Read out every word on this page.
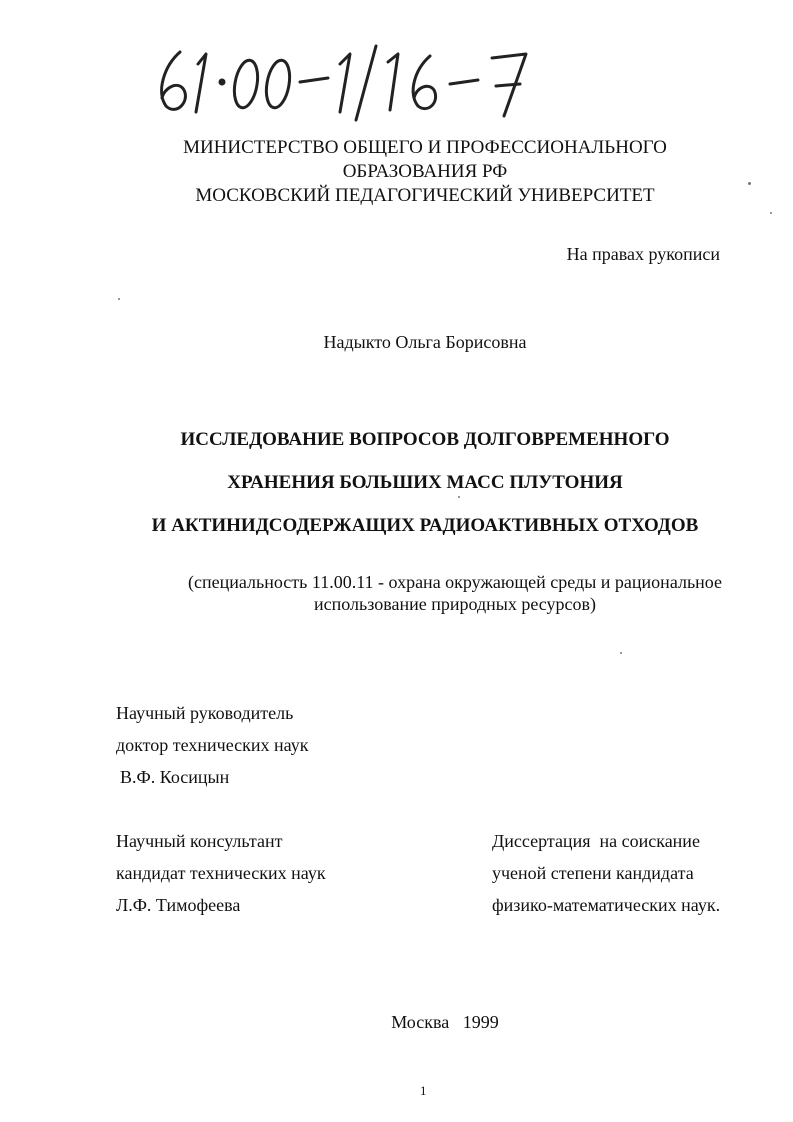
МИНИСТЕРСТВО ОБЩЕГО И ПРОФЕССИОНАЛЬНОГО
ОБРАЗОВАНИЯ РФ
МОСКОВСКИЙ ПЕДАГОГИЧЕСКИЙ УНИВЕРСИТЕТ
На правах рукописи
Надыкто Ольга Борисовна
ИССЛЕДОВАНИЕ ВОПРОСОВ ДОЛГОВРЕМЕННОГО
ХРАНЕНИЯ БОЛЬШИХ МАСС ПЛУТОНИЯ
И АКТИНИДСОДЕРЖАЩИХ РАДИОАКТИВНЫХ ОТХОДОВ
(специальность 11.00.11 - охрана окружающей среды и рациональное
использование природных ресурсов)
Научный руководитель
доктор технических наук
В.Ф. Косицын
Научный консультант
кандидат технических наук
Л.Ф. Тимофеева
Диссертация  на соискание
ученой степени кандидата
физико-математических наук.
Москва   1999
1
